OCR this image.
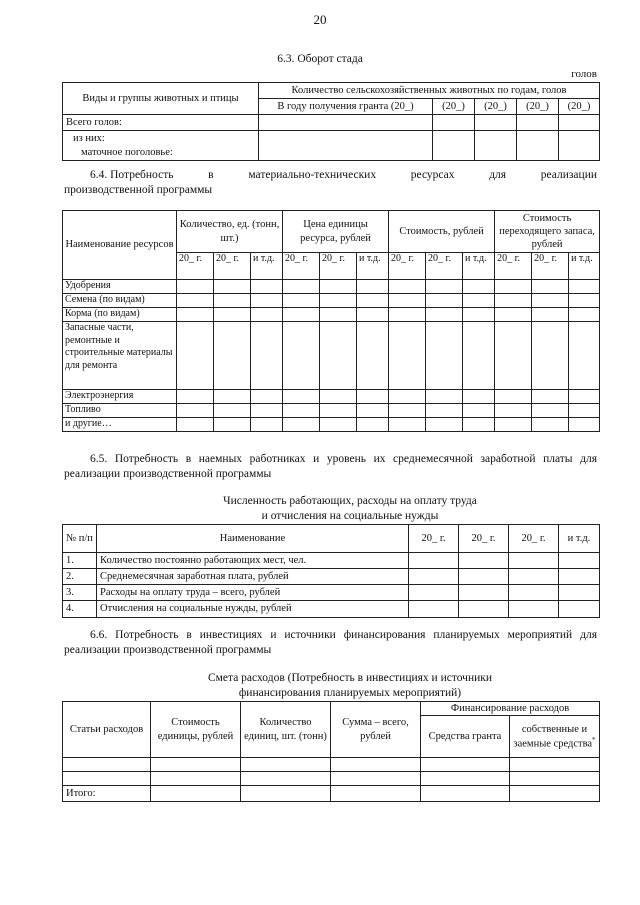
20
6.3. Оборот стада
голов
Виды и группы животных и птицы	Количество сельскохозяйственных животных по годам, голов				
	В году получения гранта (20_)	(20_)	(20_)	(20_)	(20_)
Всего голов:					

из них:
маточное поголовье:					

6.4. Потребность	в	материально-технических	ресурсах	для	реализации
производственной программы
Наименование ресурсов	Количество, ед. (тонн, шт.)			Цена единицы ресурса, рублей			Стоимость, рублей			Стоимость переходящего запаса, рублей		
	20_ г.	20_ г.	и т.д.	20_ г.	20_ г.	и т.д.	20_ г.	20_ г.	и т.д.	20_ г.	20_ г.	и т.д.
Удобрения												
Семена (по видам)												
Корма (по видам)												
Запасные части, ремонтные и строительные материалы для ремонта												
Электроэнергия												
Топливо												
и другие…												
6.5. Потребность в наемных работниках и уровень их среднемесячной заработной платы для реализации производственной программы
Численность работающих, расходы на оплату труда
и отчисления на социальные нужды
№ п/п	Наименование	20_ г.	20_ г.	20_ г.	и т.д.
1.	Количество постоянно работающих мест, чел.				
2.	Среднемесячная заработная плата, рублей				
3.	Расходы на оплату труда – всего, рублей				
4.	Отчисления на социальные нужды, рублей				
6.6. Потребность в инвестициях и источники финансирования планируемых мероприятий для реализации производственной программы
Смета расходов (Потребность в инвестициях и источники
финансирования планируемых мероприятий)
Статьи расходов	Стоимость единицы, рублей	Количество единиц, шт. (тонн)	Сумма – всего, рублей	Финансирование расходов	
				Средства гранта	собственные и заемные средства*

Итого:					
